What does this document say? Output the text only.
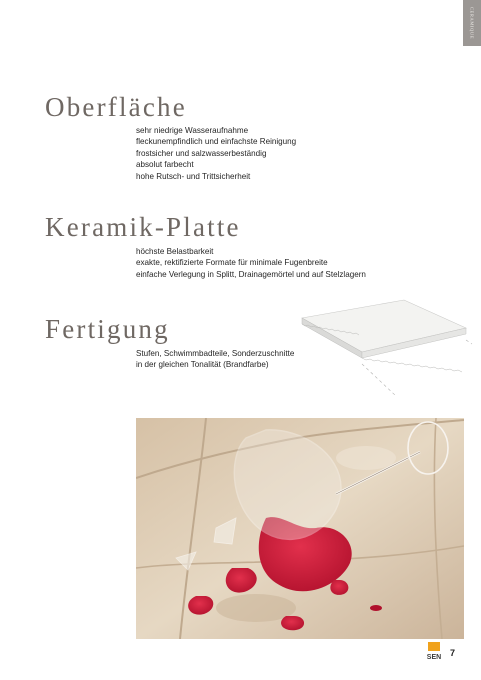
CERAMIQUE
Oberfläche
sehr niedrige Wasseraufnahme
fleckunempfindlich und einfachste Reinigung
frostsicher und salzwasserbeständig
absolut farbecht
hohe Rutsch- und Trittsicherheit
Keramik-Platte
höchste Belastbarkeit
exakte, rektifizierte Formate für minimale Fugenbreite
einfache Verlegung in Splitt, Drainagemörtel und auf Stelzlagern
Fertigung
Stufen, Schwimmbadteile, Sonderzuschnitte
in der gleichen Tonalität (Brandfarbe)
SEN 7
